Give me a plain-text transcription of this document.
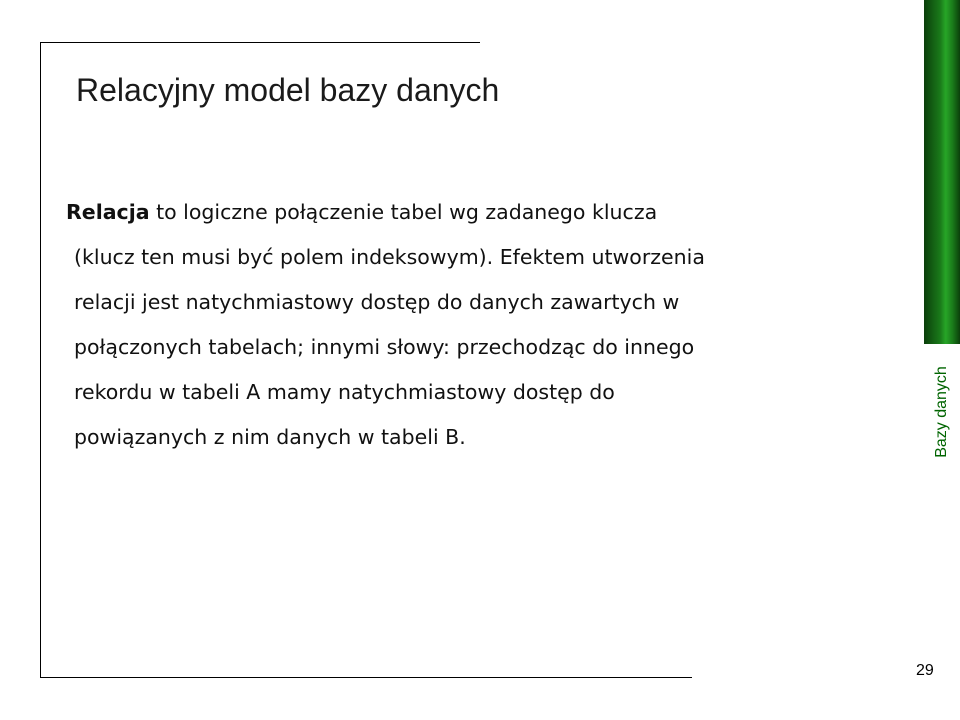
Bazy danych
Relacyjny model bazy danych
Relacja to logiczne połączenie tabel wg zadanego klucza
(klucz ten musi być polem indeksowym). Efektem utworzenia
relacji jest natychmiastowy dostęp do danych zawartych w
połączonych tabelach; innymi słowy: przechodząc do innego
rekordu w tabeli A mamy natychmiastowy dostęp do
powiązanych z nim danych w tabeli B.
29
